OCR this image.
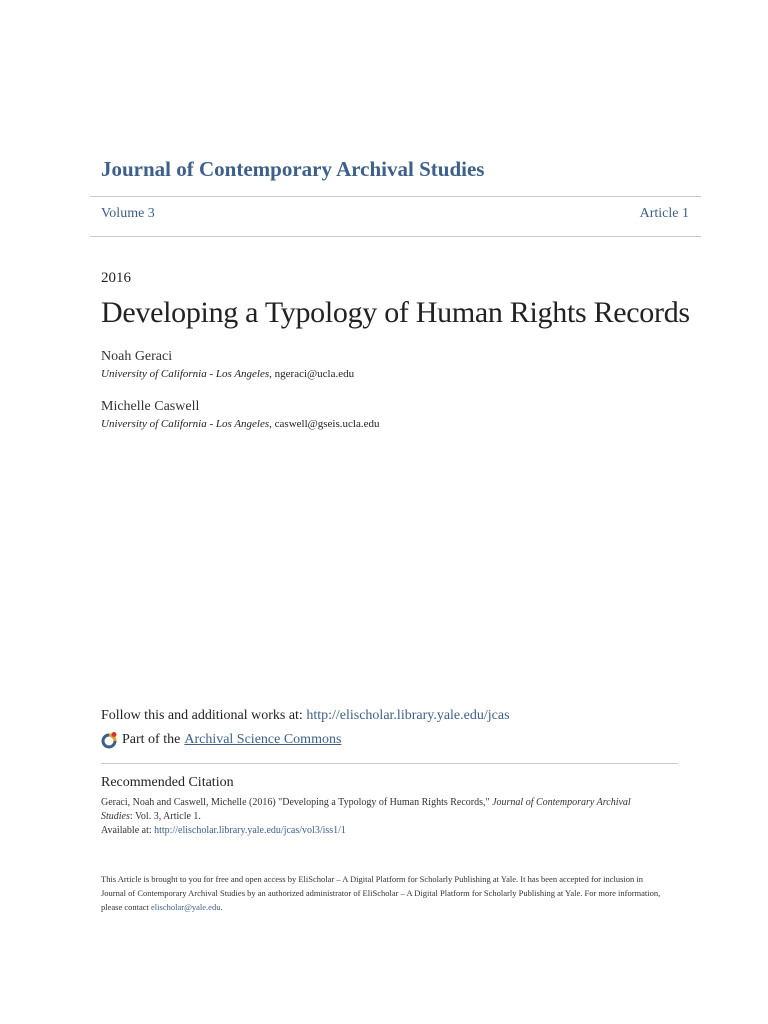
Journal of Contemporary Archival Studies
Volume 3	Article 1
2016
Developing a Typology of Human Rights Records
Noah Geraci
University of California - Los Angeles, ngeraci@ucla.edu
Michelle Caswell
University of California - Los Angeles, caswell@gseis.ucla.edu
Follow this and additional works at: http://elischolar.library.yale.edu/jcas
Part of the Archival Science Commons
Recommended Citation
Geraci, Noah and Caswell, Michelle (2016) "Developing a Typology of Human Rights Records," Journal of Contemporary Archival Studies: Vol. 3, Article 1.
Available at: http://elischolar.library.yale.edu/jcas/vol3/iss1/1
This Article is brought to you for free and open access by EliScholar – A Digital Platform for Scholarly Publishing at Yale. It has been accepted for inclusion in Journal of Contemporary Archival Studies by an authorized administrator of EliScholar – A Digital Platform for Scholarly Publishing at Yale. For more information, please contact elischolar@yale.edu.
